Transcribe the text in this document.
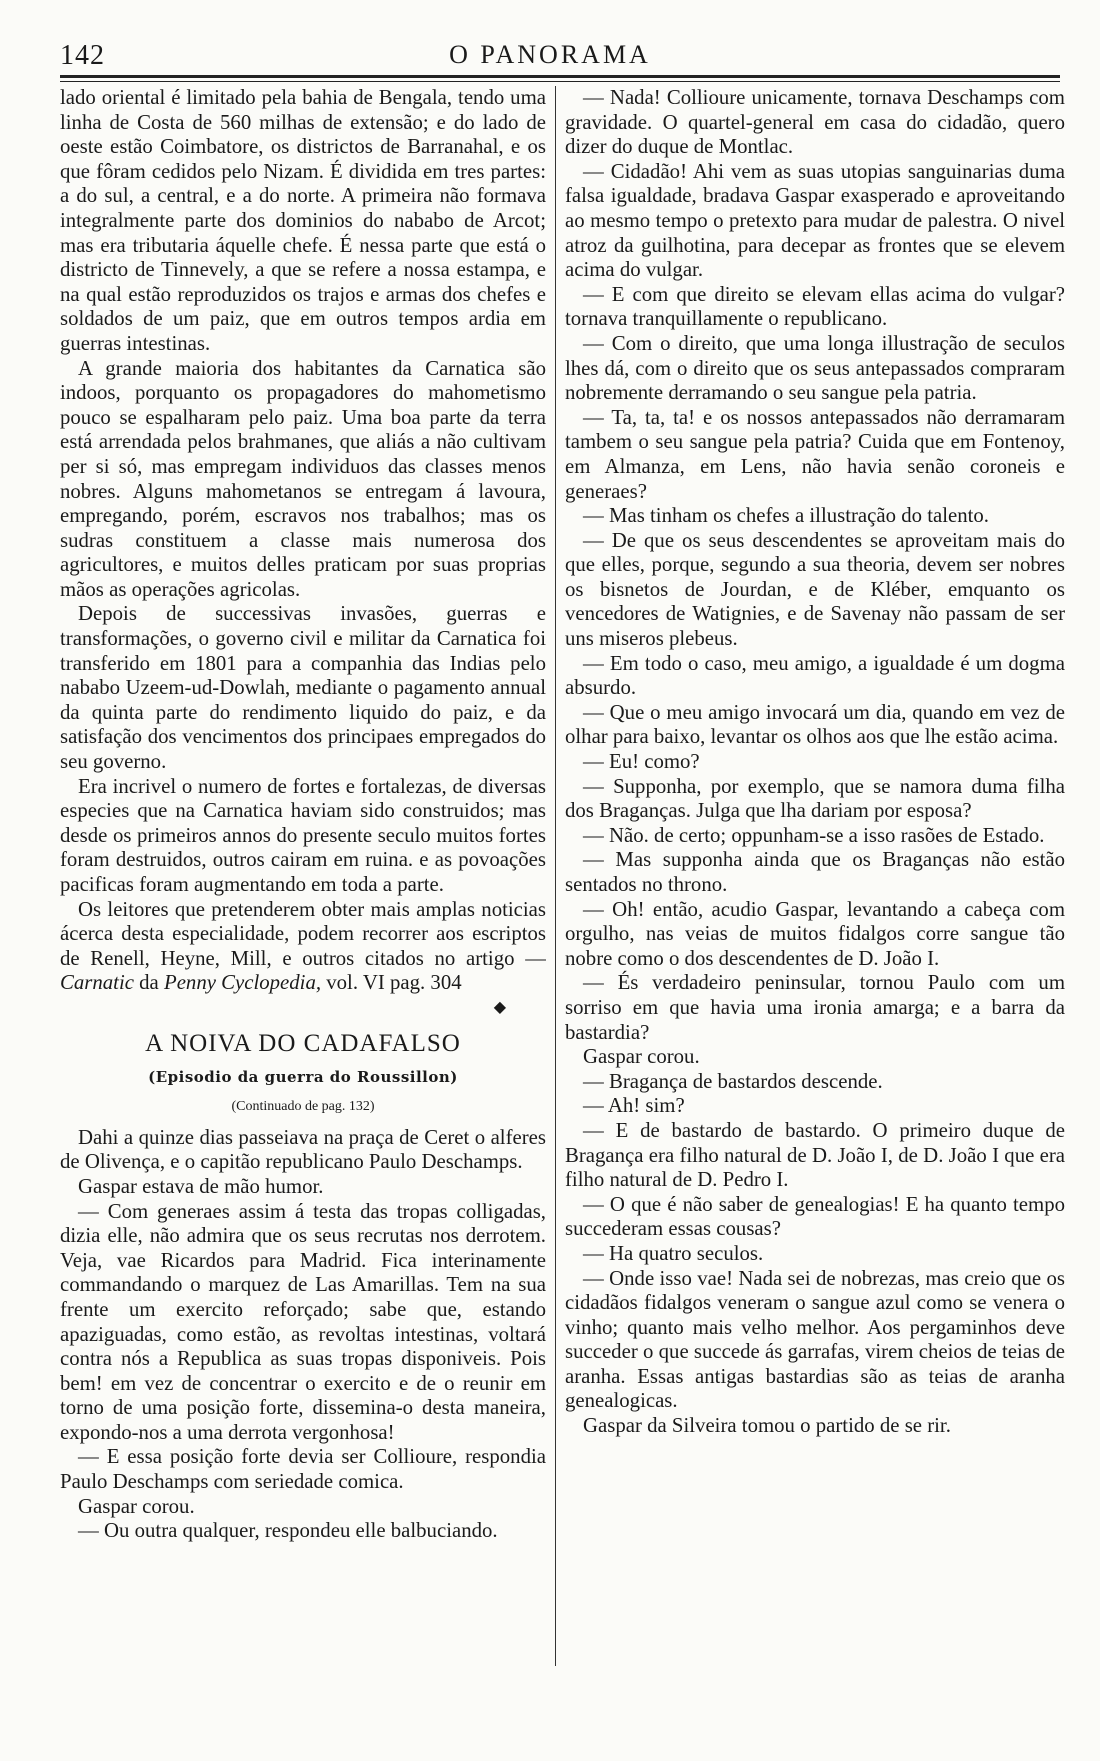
142	O PANORAMA

lado oriental é limitado pela bahia de Bengala, tendo uma linha de Costa de 560 milhas de extensão; e do lado de oeste estão Coimbatore, os districtos de Barranahal, e os que fôram cedidos pelo Nizam. É dividida em tres partes: a do sul, a central, e a do norte. A primeira não formava integralmente parte dos dominios do nababo de Arcot; mas era tributaria áquelle chefe. É nessa parte que está o districto de Tinnevely, a que se refere a nossa estampa, e na qual estão reproduzidos os trajos e armas dos chefes e soldados de um paiz, que em outros tempos ardia em guerras intestinas.

A grande maioria dos habitantes da Carnatica são indoos, porquanto os propagadores do mahometismo pouco se espalharam pelo paiz. Uma boa parte da terra está arrendada pelos brahmanes, que aliás a não cultivam per si só, mas empregam individuos das classes menos nobres. Alguns mahometanos se entregam á lavoura, empregando, porém, escravos nos trabalhos; mas os sudras constituem a classe mais numerosa dos agricultores, e muitos delles praticam por suas proprias mãos as operações agricolas.

Depois de successivas invasões, guerras e transformações, o governo civil e militar da Carnatica foi transferido em 1801 para a companhia das Indias pelo nababo Uzeem-ud-Dowlah, mediante o pagamento annual da quinta parte do rendimento liquido do paiz, e da satisfação dos vencimentos dos principaes empregados do seu governo.

Era incrivel o numero de fortes e fortalezas, de diversas especies que na Carnatica haviam sido construidos; mas desde os primeiros annos do presente seculo muitos fortes foram destruidos, outros cairam em ruina. e as povoações pacificas foram augmentando em toda a parte.

Os leitores que pretenderem obter mais amplas noticias ácerca desta especialidade, podem recorrer aos escriptos de Renell, Heyne, Mill, e outros citados no artigo — Carnatic da Penny Cyclopedia, vol. VI pag. 304

◆
A NOIVA DO CADAFALSO
(Episodio da guerra do Roussillon)
(Continuado de pag. 132)

Dahi a quinze dias passeiava na praça de Ceret o alferes de Olivença, e o capitão republicano Paulo Deschamps.

Gaspar estava de mão humor.

— Com generaes assim á testa das tropas colligadas, dizia elle, não admira que os seus recrutas nos derrotem. Veja, vae Ricardos para Madrid. Fica interinamente commandando o marquez de Las Amarillas. Tem na sua frente um exercito reforçado; sabe que, estando apaziguadas, como estão, as revoltas intestinas, voltará contra nós a Republica as suas tropas disponiveis. Pois bem! em vez de concentrar o exercito e de o reunir em torno de uma posição forte, dissemina-o desta maneira, expondo-nos a uma derrota vergonhosa!

— E essa posição forte devia ser Collioure, respondia Paulo Deschamps com seriedade comica.

Gaspar corou.

— Ou outra qualquer, respondeu elle balbuciando.

— Nada! Collioure unicamente, tornava Deschamps com gravidade. O quartel-general em casa do cidadão, quero dizer do duque de Montlac.

— Cidadão! Ahi vem as suas utopias sanguinarias duma falsa igualdade, bradava Gaspar exasperado e aproveitando ao mesmo tempo o pretexto para mudar de palestra. O nivel atroz da guilhotina, para decepar as frontes que se elevem acima do vulgar.

— E com que direito se elevam ellas acima do vulgar? tornava tranquillamente o republicano.

— Com o direito, que uma longa illustração de seculos lhes dá, com o direito que os seus antepassados compraram nobremente derramando o seu sangue pela patria.

— Ta, ta, ta! e os nossos antepassados não derramaram tambem o seu sangue pela patria? Cuida que em Fontenoy, em Almanza, em Lens, não havia senão coroneis e generaes?

— Mas tinham os chefes a illustração do talento.

— De que os seus descendentes se aproveitam mais do que elles, porque, segundo a sua theoria, devem ser nobres os bisnetos de Jourdan, e de Kléber, emquanto os vencedores de Watignies, e de Savenay não passam de ser uns miseros plebeus.

— Em todo o caso, meu amigo, a igualdade é um dogma absurdo.

— Que o meu amigo invocará um dia, quando em vez de olhar para baixo, levantar os olhos aos que lhe estão acima.

— Eu! como?

— Supponha, por exemplo, que se namora duma filha dos Braganças. Julga que lha dariam por esposa?

— Não. de certo; oppunham-se a isso rasões de Estado.

— Mas supponha ainda que os Braganças não estão sentados no throno.

— Oh! então, acudio Gaspar, levantando a cabeça com orgulho, nas veias de muitos fidalgos corre sangue tão nobre como o dos descendentes de D. João I.

— És verdadeiro peninsular, tornou Paulo com um sorriso em que havia uma ironia amarga; e a barra da bastardia?

Gaspar corou.

— Bragança de bastardos descende.

— Ah! sim?

— E de bastardo de bastardo. O primeiro duque de Bragança era filho natural de D. João I, de D. João I que era filho natural de D. Pedro I.

— O que é não saber de genealogias! E ha quanto tempo succederam essas cousas?

— Ha quatro seculos.

— Onde isso vae! Nada sei de nobrezas, mas creio que os cidadãos fidalgos veneram o sangue azul como se venera o vinho; quanto mais velho melhor. Aos pergaminhos deve succeder o que succede ás garrafas, virem cheios de teias de aranha. Essas antigas bastardias são as teias de aranha genealogicas.

Gaspar da Silveira tomou o partido de se rir.
